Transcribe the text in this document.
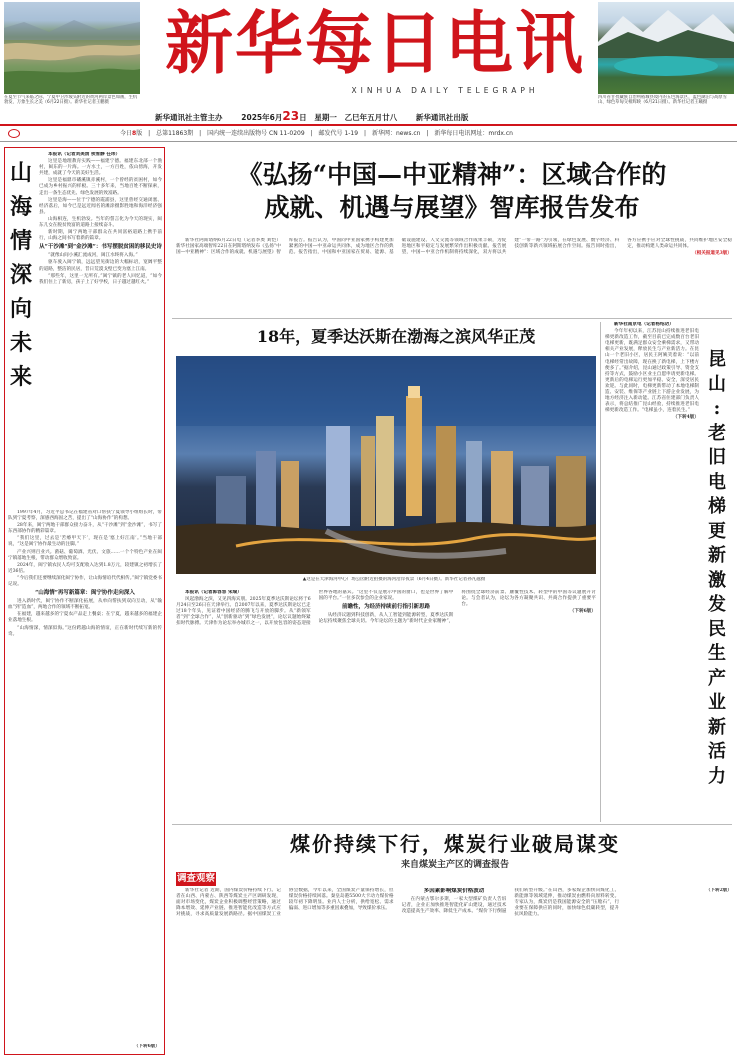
在夏至节气来临之际，宁夏中卫沙坡头附近的黄河两岸景色如画，生机勃发、万象生长之美（6月22日摄）。新华社记者王鹏摄
新华每日电讯
XINHUA DAILY TELEGRAPH
四川省甘孜藏族自治州稻城县境内的五色海景区，蓝色湖泊与高原雪山、绿色草甸交相辉映（6月21日摄）。新华社记者王曦摄
新华通讯社主管主办	2025年6月23日 星期一 乙巳年五月廿八	新华通讯社出版
今日8版 | 总第11863期 | 国内统一连续出版物号 CN 11-0209 | 邮发代号 1-19 | 新华网：news.cn | 新华每日电讯网址：mrdx.cn
山
海
情
深
向
未
来

本报讯（记者刘美清 侯雪静 任玮）

这里是地理教育实践——福建宁德。福建东北部一个渔村，闽东的一片海。一方水土，一方百姓，依山傍海，开发共建，成就了今天的美好生活。

这里是福鼎市磻溪镇赤溪村，一个曾经的贫困村，如今已成为乡村振兴的样板。三十多年来，当地百姓不断探索，走出一条生态优先、绿色发展的致富路。

这里是海——位于宁德的霞浦县，这里曾经交通闭塞、经济落后，如今已是远近闻名的滩涂摄影胜地和海洋经济强县。

山海相连，生机勃发。当年的誓言化为今天的现实，闽东儿女在脱贫致富的道路上接续奋斗。

新时期，闽宁两地干部群众在共同富裕道路上携手前行，山海之间书写着新的篇章。

从“干沙滩”到“金沙滩”：书写摆脱贫困的移民史诗

“就像山间小溪汇流成河，闽江水终将入海。”

驱车驶入闽宁镇，远远望见街边的大幅标语，宽阔平整的道路，整洁的民居，昔日荒漠戈壁已变为塞上江南。

“那些年，这里一无所有。”闽宁镇的老人回忆道，“如今我们住上了新房，孩子上了好学校，日子越过越红火。”

1997年4月，习近平总书记在福建省对口帮扶宁夏领导小组组长时，带队到宁夏考察，深感西海固之苦，提出了“山海协作”的构想。

28年来，闽宁两地干部群众接力奋斗，从“干沙滩”到“金沙滩”，书写了东西部协作的精彩篇章。

“我们这里，过去是‘苦瘠甲天下’，现在是‘塞上好江南’。”当地干部说，“这是闽宁协作最生动的注脚。”

产业兴则百业兴。菌菇、葡萄酒、光伏、文旅……一个个特色产业在闽宁镇落地生根，带动群众增收致富。

2024年，闽宁镇农民人均可支配收入达到1.8万元，较建镇之初增长了近36倍。

“今后我们还要继续深化闽宁协作，让山海情谊代代相传。”闽宁镇党委书记说。

“山海情”再写新篇章：闽宁协作走向深入

进入新时代，闽宁协作不断深化拓展，从单向帮扶到双向互动，从“输血”到“造血”，两地合作的领域不断拓宽。

在福建，越来越多的宁夏农产品走上餐桌；在宁夏，越来越多的福建企业落地生根。

“山海情深，情深似海。”这份跨越山海的情谊，正在新时代续写新的传奇。

（下转6版）
《弘扬“中国—中亚精神”：区域合作的
成就、机遇与展望》智库报告发布

新华社阿斯塔纳6月22日电（记者李奥 刘恺）新华社国家高端智库22日在阿斯塔纳发布《弘扬“中国—中亚精神”：区域合作的成就、机遇与展望》智库报告。报告认为，中国同中亚国家携手构建更加紧密的中国—中亚命运共同体，成为地区合作的典范。报告指出，中国和中亚国家在贸易、能源、基础设施建设、人文交流等领域合作成果丰硕，为促进地区和平稳定与发展繁荣作出积极贡献。报告展望，中国—中亚合作机制将持续深化，双方将以共建“一带一路”为引领，在绿色发展、数字经济、科技创新等新兴领域拓展合作空间。报告同时指出，各方应携手应对全球性挑战，共同维护地区安全稳定，推动构建人类命运共同体。

（相关报道见3版）

18年，夏季达沃斯在渤海之滨风华正茂
▲这是在天津海河中心广场公园附近拍摄的海河沿岸夜景（6月4日摄）。新华社记者孙凡越摄

本报讯（记者郭容容 宋瑞）

风起渤海之滨，又见四海宾朋。2025年夏季达沃斯论坛将于6月24日至26日在天津举行。自2007年以来，夏季达沃斯论坛已走过18个年头，见证着中国经济的腾飞与开放的脚步。从“新领军者”到“全球合作”，从“创新驱动”到“绿色发展”，论坛议题始终紧扣时代脉搏。天津作为论坛举办城市之一，以开放包容的姿态迎接世界各地的嘉宾。“这里不仅是展示中国的窗口，也是世界了解中国的平台。”一位多次参会的企业家说。

前瞻性，为经济持续前行指引新思路

从经济议题到科技创新，从人工智能到能源转型，夏季达沃斯论坛持续聚焦全球关切。今年论坛的主题为“新时代企业家精神”，将围绕全球经济前景、颠覆性技术、转型中的中国等议题展开讨论。与会者认为，论坛为各方凝聚共识、共商合作提供了重要平台。

（下转6版）

新华社南京电（记者杨绍功）

今年年初以来，江苏昆山持续推进老旧电梯更新改造工作，截至目前已完成数百台老旧电梯更新，既满足群众安全乘梯需求，又带动相关产业发展，释放民生与产业新活力。在昆山一个老旧小区，居民王阿姨笑着说：“以前电梯经常出故障，现在换了新电梯，上下楼方便多了。”据介绍，昆山通过政策引导、资金支持等方式，鼓励小区业主自愿申请更新电梯。更新后的电梯运行更加平稳、安全，深受居民欢迎。与此同时，电梯更新带动了本地电梯制造、安装、维保等产业链上下游企业发展，为地方经济注入新动能。江苏省住建部门负责人表示，将总结推广昆山经验，持续推进老旧电梯更新改造工作。“电梯虽小，连着民生。”

（下转4版）

昆
山
:
老
旧
电
梯
更
新
激
发
民
生
产
业
新
活
力
煤价持续下行，煤炭行业破局谋变
来自煤炭主产区的调查报告
调查观察

新华社记者 近期，国内煤炭价格持续下行。记者在山西、内蒙古、陕西等煤炭主产区调研发现，面对市场变化，煤炭企业积极调整经营策略，通过降本增效、延伸产业链、推进智能化改造等方式应对挑战，寻求高质量发展新路径。据中国煤炭工业协会数据，今年以来，全国煤炭产量保持增长，但煤炭价格持续回落。秦皇岛港5500大卡动力煤价格较年初下降明显。业内人士分析，供给宽松、需求偏弱、进口增加等多重因素叠加，导致煤价承压。

多因素影响煤炭价格波动

在内蒙古鄂尔多斯，一家大型煤矿负责人告诉记者，企业正加快推进智能化矿山建设，通过技术改造提高生产效率、降低生产成本。“煤价下行倒逼我们转型升级。”在山西，多家煤企加快向煤化工、新能源等领域延伸，推动煤炭由燃料向原料转变。专家认为，煤炭仍是我国能源安全的“压舱石”，行业要在保障供应的同时，加快绿色低碳转型，提升抗风险能力。

（下转2版）
